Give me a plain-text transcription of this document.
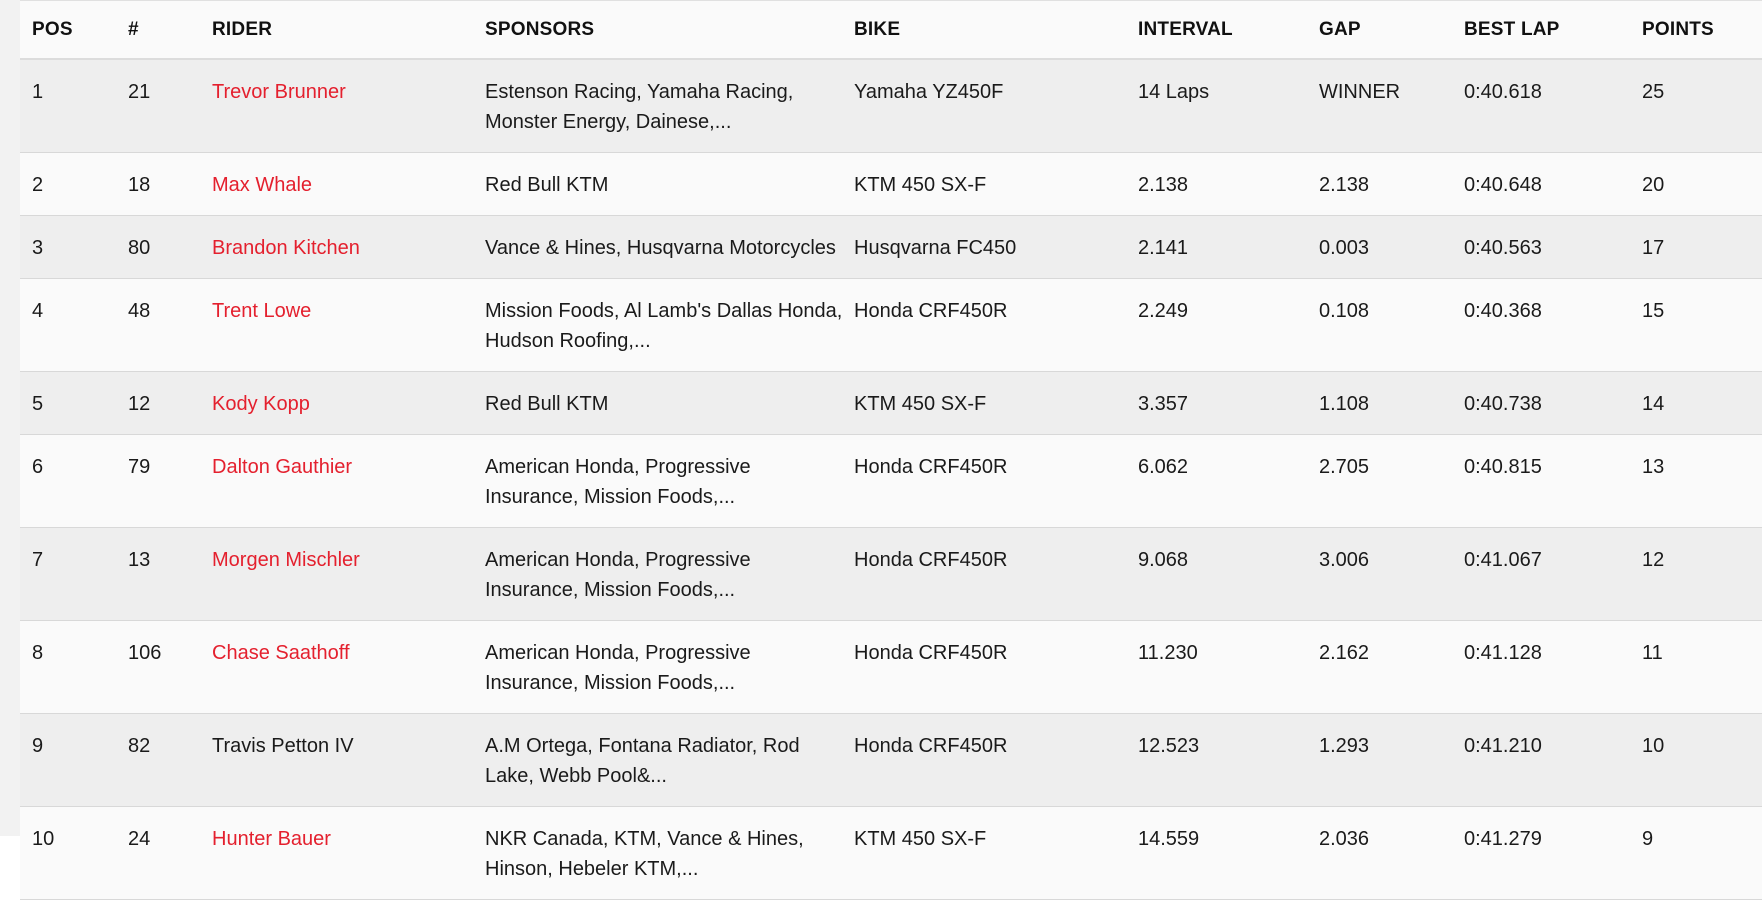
POS	#	RIDER	SPONSORS	BIKE	INTERVAL	GAP	BEST LAP	POINTS
1	21	Trevor Brunner	Estenson Racing, Yamaha Racing, Monster Energy, Dainese,...	Yamaha YZ450F	14 Laps	WINNER	0:40.618	25
2	18	Max Whale	Red Bull KTM	KTM 450 SX-F	2.138	2.138	0:40.648	20
3	80	Brandon Kitchen	Vance & Hines, Husqvarna Motorcycles	Husqvarna FC450	2.141	0.003	0:40.563	17
4	48	Trent Lowe	Mission Foods, Al Lamb's Dallas Honda, Hudson Roofing,...	Honda CRF450R	2.249	0.108	0:40.368	15
5	12	Kody Kopp	Red Bull KTM	KTM 450 SX-F	3.357	1.108	0:40.738	14
6	79	Dalton Gauthier	American Honda, Progressive Insurance, Mission Foods,...	Honda CRF450R	6.062	2.705	0:40.815	13
7	13	Morgen Mischler	American Honda, Progressive Insurance, Mission Foods,...	Honda CRF450R	9.068	3.006	0:41.067	12
8	106	Chase Saathoff	American Honda, Progressive Insurance, Mission Foods,...	Honda CRF450R	11.230	2.162	0:41.128	11
9	82	Travis Petton IV	A.M Ortega, Fontana Radiator, Rod Lake, Webb Pool&...	Honda CRF450R	12.523	1.293	0:41.210	10
10	24	Hunter Bauer	NKR Canada, KTM, Vance & Hines, Hinson, Hebeler KTM,...	KTM 450 SX-F	14.559	2.036	0:41.279	9
